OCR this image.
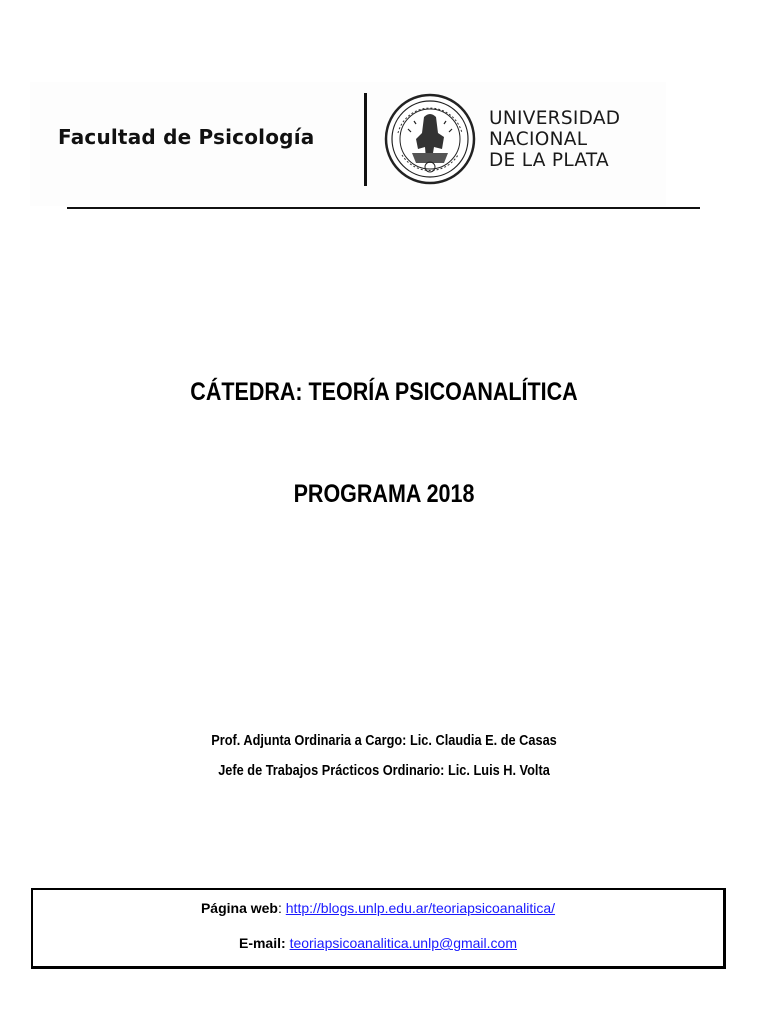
Facultad de Psicología
UNIVERSIDAD
NACIONAL
DE LA PLATA
CÁTEDRA: TEORÍA PSICOANALÍTICA
PROGRAMA 2018
Prof. Adjunta Ordinaria a Cargo: Lic. Claudia E. de Casas
Jefe de Trabajos Prácticos Ordinario: Lic. Luis H. Volta
Página web: http://blogs.unlp.edu.ar/teoriapsicoanalitica/
E-mail: teoriapsicoanalitica.unlp@gmail.com
